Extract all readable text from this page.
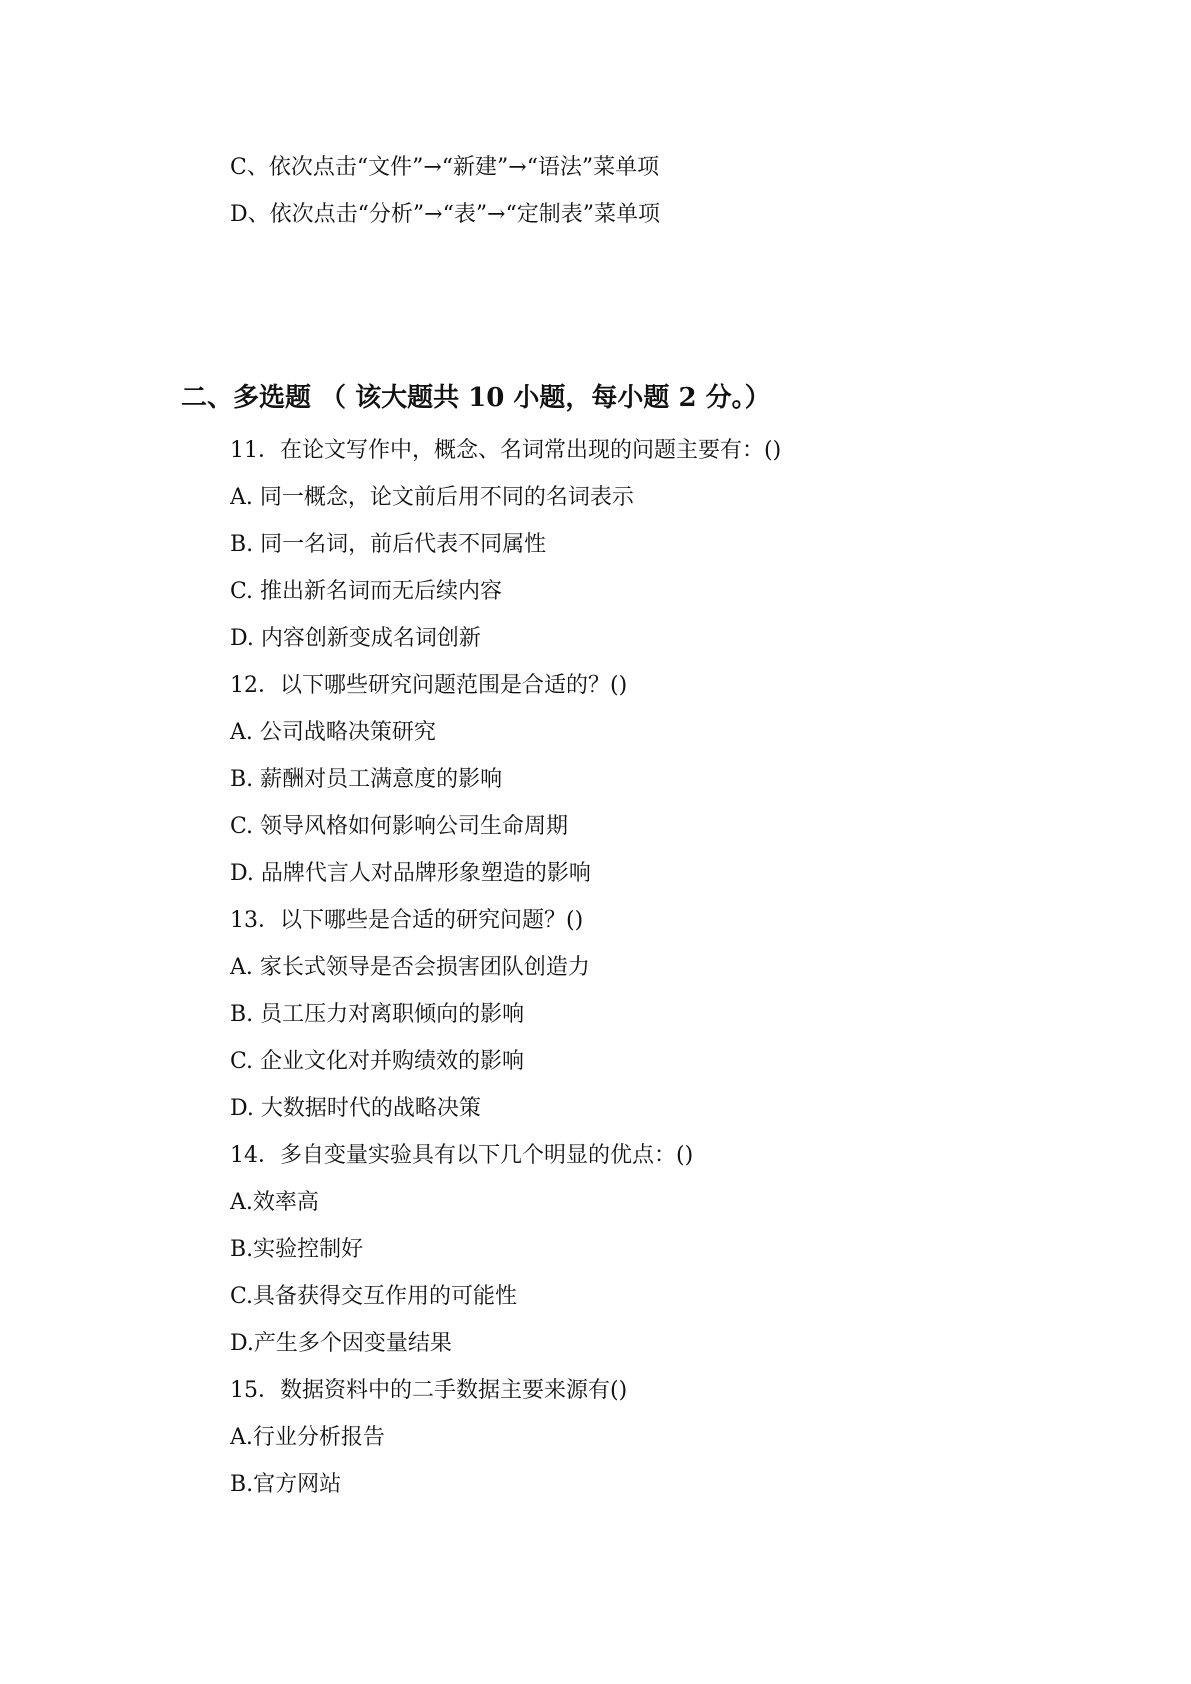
C、依次点击“文件”→“新建”→“语法”菜单项
D、依次点击“分析”→“表”→“定制表”菜单项
二、多选题 （ 该大题共 10 小题，每小题 2 分。）
11．在论文写作中，概念、名词常出现的问题主要有：()
A. 同一概念，论文前后用不同的名词表示
B. 同一名词，前后代表不同属性
C. 推出新名词而无后续内容
D. 内容创新变成名词创新
12．以下哪些研究问题范围是合适的？()
A. 公司战略决策研究
B. 薪酬对员工满意度的影响
C. 领导风格如何影响公司生命周期
D. 品牌代言人对品牌形象塑造的影响
13．以下哪些是合适的研究问题？()
A. 家长式领导是否会损害团队创造力
B. 员工压力对离职倾向的影响
C. 企业文化对并购绩效的影响
D. 大数据时代的战略决策
14．多自变量实验具有以下几个明显的优点：()
A.效率高
B.实验控制好
C.具备获得交互作用的可能性
D.产生多个因变量结果
15．数据资料中的二手数据主要来源有()
A.行业分析报告
B.官方网站
